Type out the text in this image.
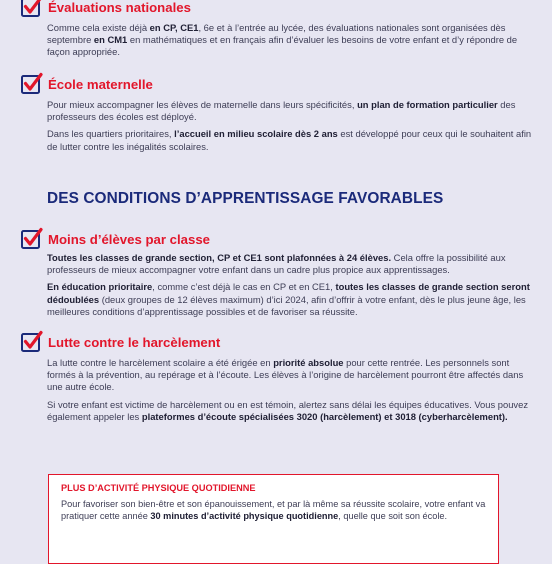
Évaluations nationales

Comme cela existe déjà en CP, CE1, 6e et à l’entrée au lycée, des évaluations nationales sont organisées dès septembre en CM1 en mathématiques et en français afin d’évaluer les besoins de votre enfant et d’y répondre de façon appropriée.

École maternelle

Pour mieux accompagner les élèves de maternelle dans leurs spécificités, un plan de formation particulier des professeurs des écoles est déployé.

Dans les quartiers prioritaires, l’accueil en milieu scolaire dès 2 ans est développé pour ceux qui le souhaitent afin de lutter contre les inégalités scolaires.

DES CONDITIONS D’APPRENTISSAGE FAVORABLES
Moins d’élèves par classe

Toutes les classes de grande section, CP et CE1 sont plafonnées à 24 élèves. Cela offre la possibilité aux professeurs de mieux accompagner votre enfant dans un cadre plus propice aux apprentissages.

En éducation prioritaire, comme c’est déjà le cas en CP et en CE1, toutes les classes de grande section seront dédoublées (deux groupes de 12 élèves maximum) d’ici 2024, afin d’offrir à votre enfant, dès le plus jeune âge, les meilleures conditions d’apprentissage possibles et de favoriser sa réussite.

Lutte contre le harcèlement

La lutte contre le harcèlement scolaire a été érigée en priorité absolue pour cette rentrée. Les personnels sont formés à la prévention, au repérage et à l’écoute. Les élèves à l’origine de harcèlement pourront être affectés dans une autre école.

Si votre enfant est victime de harcèlement ou en est témoin, alertez sans délai les équipes éducatives. Vous pouvez également appeler les plateformes d’écoute spécialisées 3020 (harcèlement) et 3018 (cyberharcèlement).

PLUS D’ACTIVITÉ PHYSIQUE QUOTIDIENNE
Pour favoriser son bien-être et son épanouissement, et par là même sa réussite scolaire, votre enfant va pratiquer cette année 30 minutes d’activité physique quotidienne, quelle que soit son école.
